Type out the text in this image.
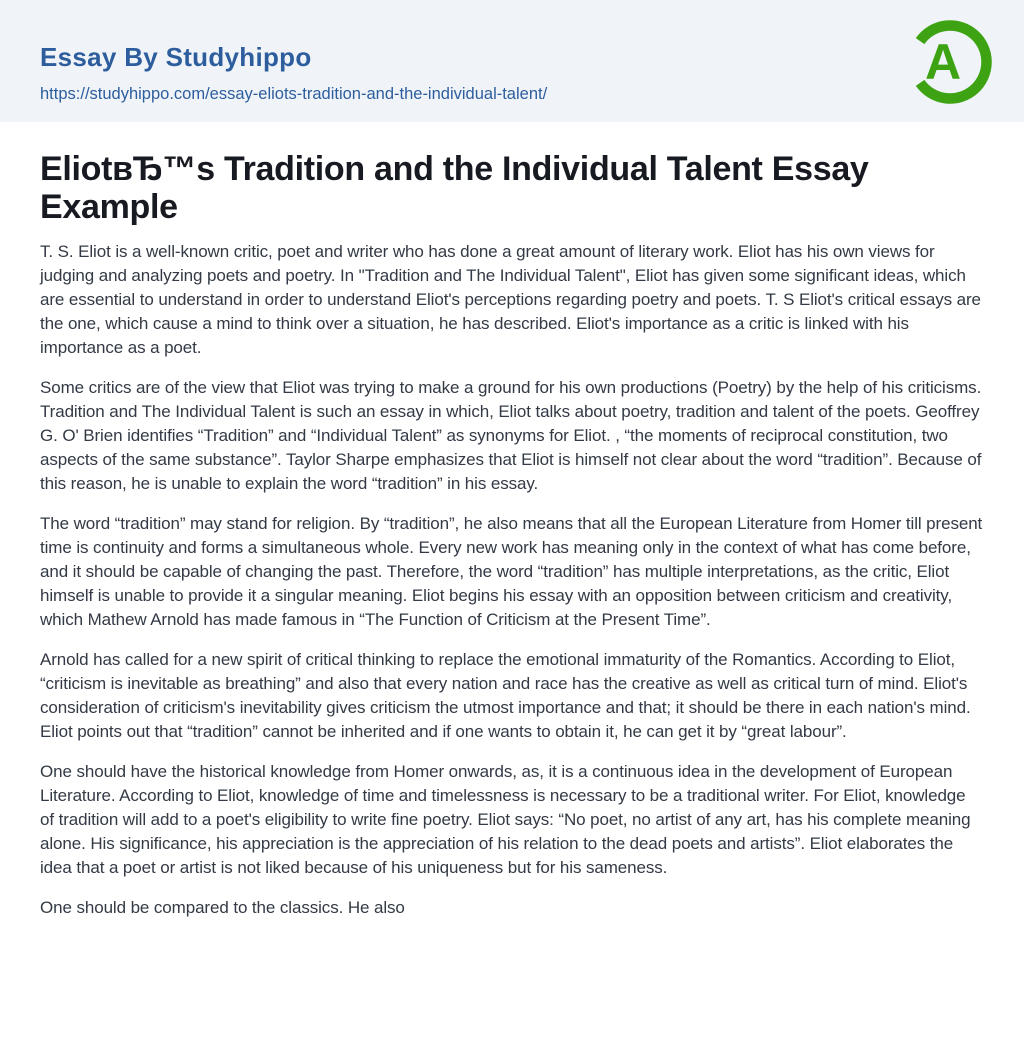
Essay By Studyhippo
https://studyhippo.com/essay-eliots-tradition-and-the-individual-talent/
A
EliotвЂ™s Tradition and the Individual Talent Essay Example

T. S. Eliot is a well-known critic, poet and writer who has done a great amount of literary work. Eliot has his own views for judging and analyzing poets and poetry. In "Tradition and The Individual Talent", Eliot has given some significant ideas, which are essential to understand in order to understand Eliot's perceptions regarding poetry and poets. T. S Eliot's critical essays are the one, which cause a mind to think over a situation, he has described. Eliot's importance as a critic is linked with his importance as a poet.

Some critics are of the view that Eliot was trying to make a ground for his own productions (Poetry) by the help of his criticisms. Tradition and The Individual Talent is such an essay in which, Eliot talks about poetry, tradition and talent of the poets. Geoffrey G. O' Brien identifies “Tradition” and “Individual Talent” as synonyms for Eliot. , “the moments of reciprocal constitution, two aspects of the same substance”. Taylor Sharpe emphasizes that Eliot is himself not clear about the word “tradition”. Because of this reason, he is unable to explain the word “tradition” in his essay.

The word “tradition” may stand for religion. By “tradition”, he also means that all the European Literature from Homer till present time is continuity and forms a simultaneous whole. Every new work has meaning only in the context of what has come before, and it should be capable of changing the past. Therefore, the word “tradition” has multiple interpretations, as the critic, Eliot himself is unable to provide it a singular meaning. Eliot begins his essay with an opposition between criticism and creativity, which Mathew Arnold has made famous in “The Function of Criticism at the Present Time”.

Arnold has called for a new spirit of critical thinking to replace the emotional immaturity of the Romantics. According to Eliot, “criticism is inevitable as breathing” and also that every nation and race has the creative as well as critical turn of mind. Eliot's consideration of criticism's inevitability gives criticism the utmost importance and that; it should be there in each nation's mind. Eliot points out that “tradition” cannot be inherited and if one wants to obtain it, he can get it by “great labour”.

One should have the historical knowledge from Homer onwards, as, it is a continuous idea in the development of European Literature. According to Eliot, knowledge of time and timelessness is necessary to be a traditional writer. For Eliot, knowledge of tradition will add to a poet's eligibility to write fine poetry. Eliot says: “No poet, no artist of any art, has his complete meaning alone. His significance, his appreciation is the appreciation of his relation to the dead poets and artists”. Eliot elaborates the idea that a poet or artist is not liked because of his uniqueness but for his sameness.

One should be compared to the classics. He also
